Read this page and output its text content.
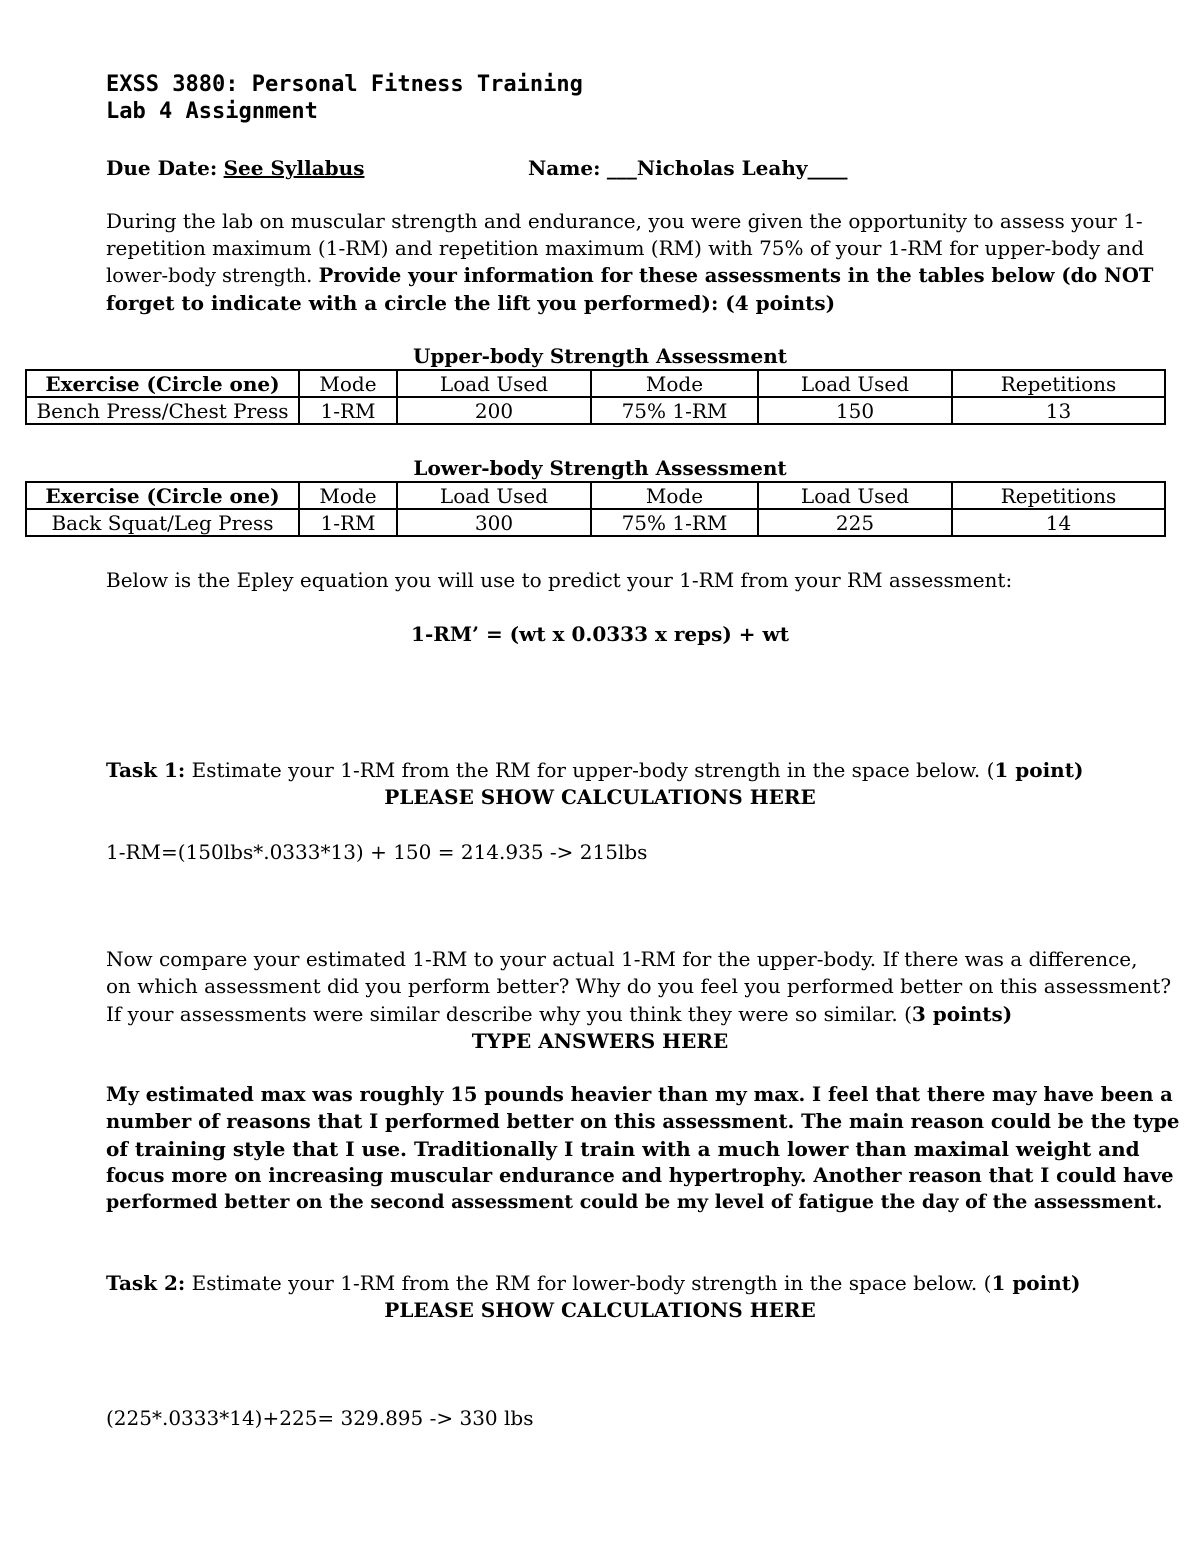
EXSS 3880: Personal Fitness Training
Lab 4 Assignment
Due Date: See Syllabus	Name: ___Nicholas Leahy____
During the lab on muscular strength and endurance, you were given the opportunity to assess your 1-
repetition maximum (1-RM) and repetition maximum (RM) with 75% of your 1-RM for upper-body and
lower-body strength. Provide your information for these assessments in the tables below (do NOT
forget to indicate with a circle the lift you performed): (4 points)
Upper-body Strength Assessment
Exercise (Circle one)	Mode	Load Used	Mode	Load Used	Repetitions
Bench Press/Chest Press	1-RM	200	75% 1-RM	150	13
Lower-body Strength Assessment
Exercise (Circle one)	Mode	Load Used	Mode	Load Used	Repetitions
Back Squat/Leg Press	1-RM	300	75% 1-RM	225	14
Below is the Epley equation you will use to predict your 1-RM from your RM assessment:
1-RM’ = (wt x 0.0333 x reps) + wt
Task 1: Estimate your 1-RM from the RM for upper-body strength in the space below. (1 point)
PLEASE SHOW CALCULATIONS HERE
1-RM=(150lbs*.0333*13) + 150 = 214.935 -> 215lbs
Now compare your estimated 1-RM to your actual 1-RM for the upper-body. If there was a difference,
on which assessment did you perform better? Why do you feel you performed better on this assessment?
If your assessments were similar describe why you think they were so similar. (3 points)
TYPE ANSWERS HERE
My estimated max was roughly 15 pounds heavier than my max. I feel that there may have been a
number of reasons that I performed better on this assessment. The main reason could be the type
of training style that I use. Traditionally I train with a much lower than maximal weight and
focus more on increasing muscular endurance and hypertrophy. Another reason that I could have
performed better on the second assessment could be my level of fatigue the day of the assessment.
Task 2: Estimate your 1-RM from the RM for lower-body strength in the space below. (1 point)
PLEASE SHOW CALCULATIONS HERE
(225*.0333*14)+225= 329.895 -> 330 lbs
